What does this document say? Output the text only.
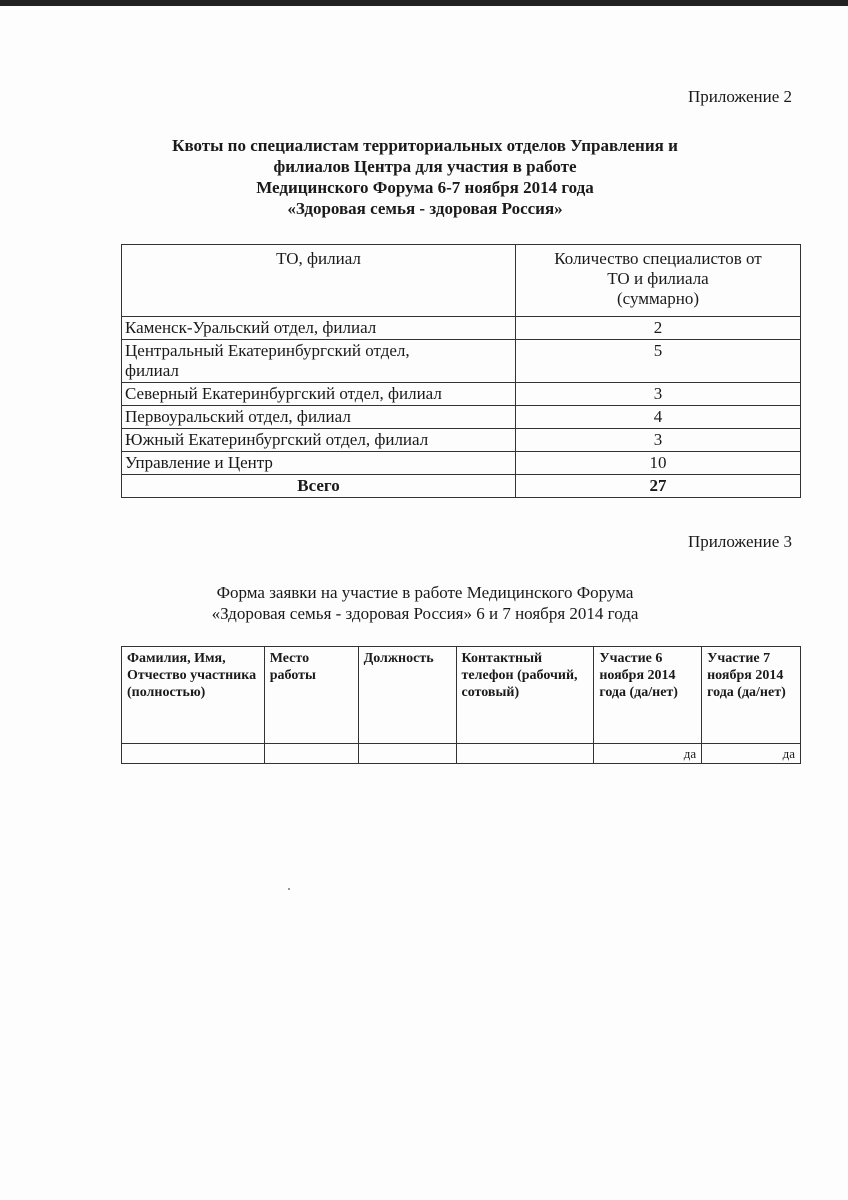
Приложение 2
Квоты по специалистам территориальных отделов Управления и
филиалов Центра для участия в работе
Медицинского Форума 6-7 ноября 2014 года
«Здоровая семья - здоровая Россия»
ТО, филиал	Количество специалистов от
ТО и филиала
(суммарно)

Каменск-Уральский отдел, филиал	2
Центральный Екатеринбургский отдел,
филиал	5
Северный Екатеринбургский отдел, филиал	3
Первоуральский отдел, филиал	4
Южный Екатеринбургский отдел, филиал	3
Управление и Центр	10
Всего	27
Приложение 3
Форма заявки на участие в работе Медицинского Форума
«Здоровая семья - здоровая Россия» 6 и 7 ноября 2014 года
Фамилия, Имя, Отчество участника (полностью)	Место работы	Должность	Контактный телефон (рабочий, сотовый)	Участие 6 ноября 2014 года (да/нет)	Участие 7 ноября 2014 года (да/нет)
				да	да
